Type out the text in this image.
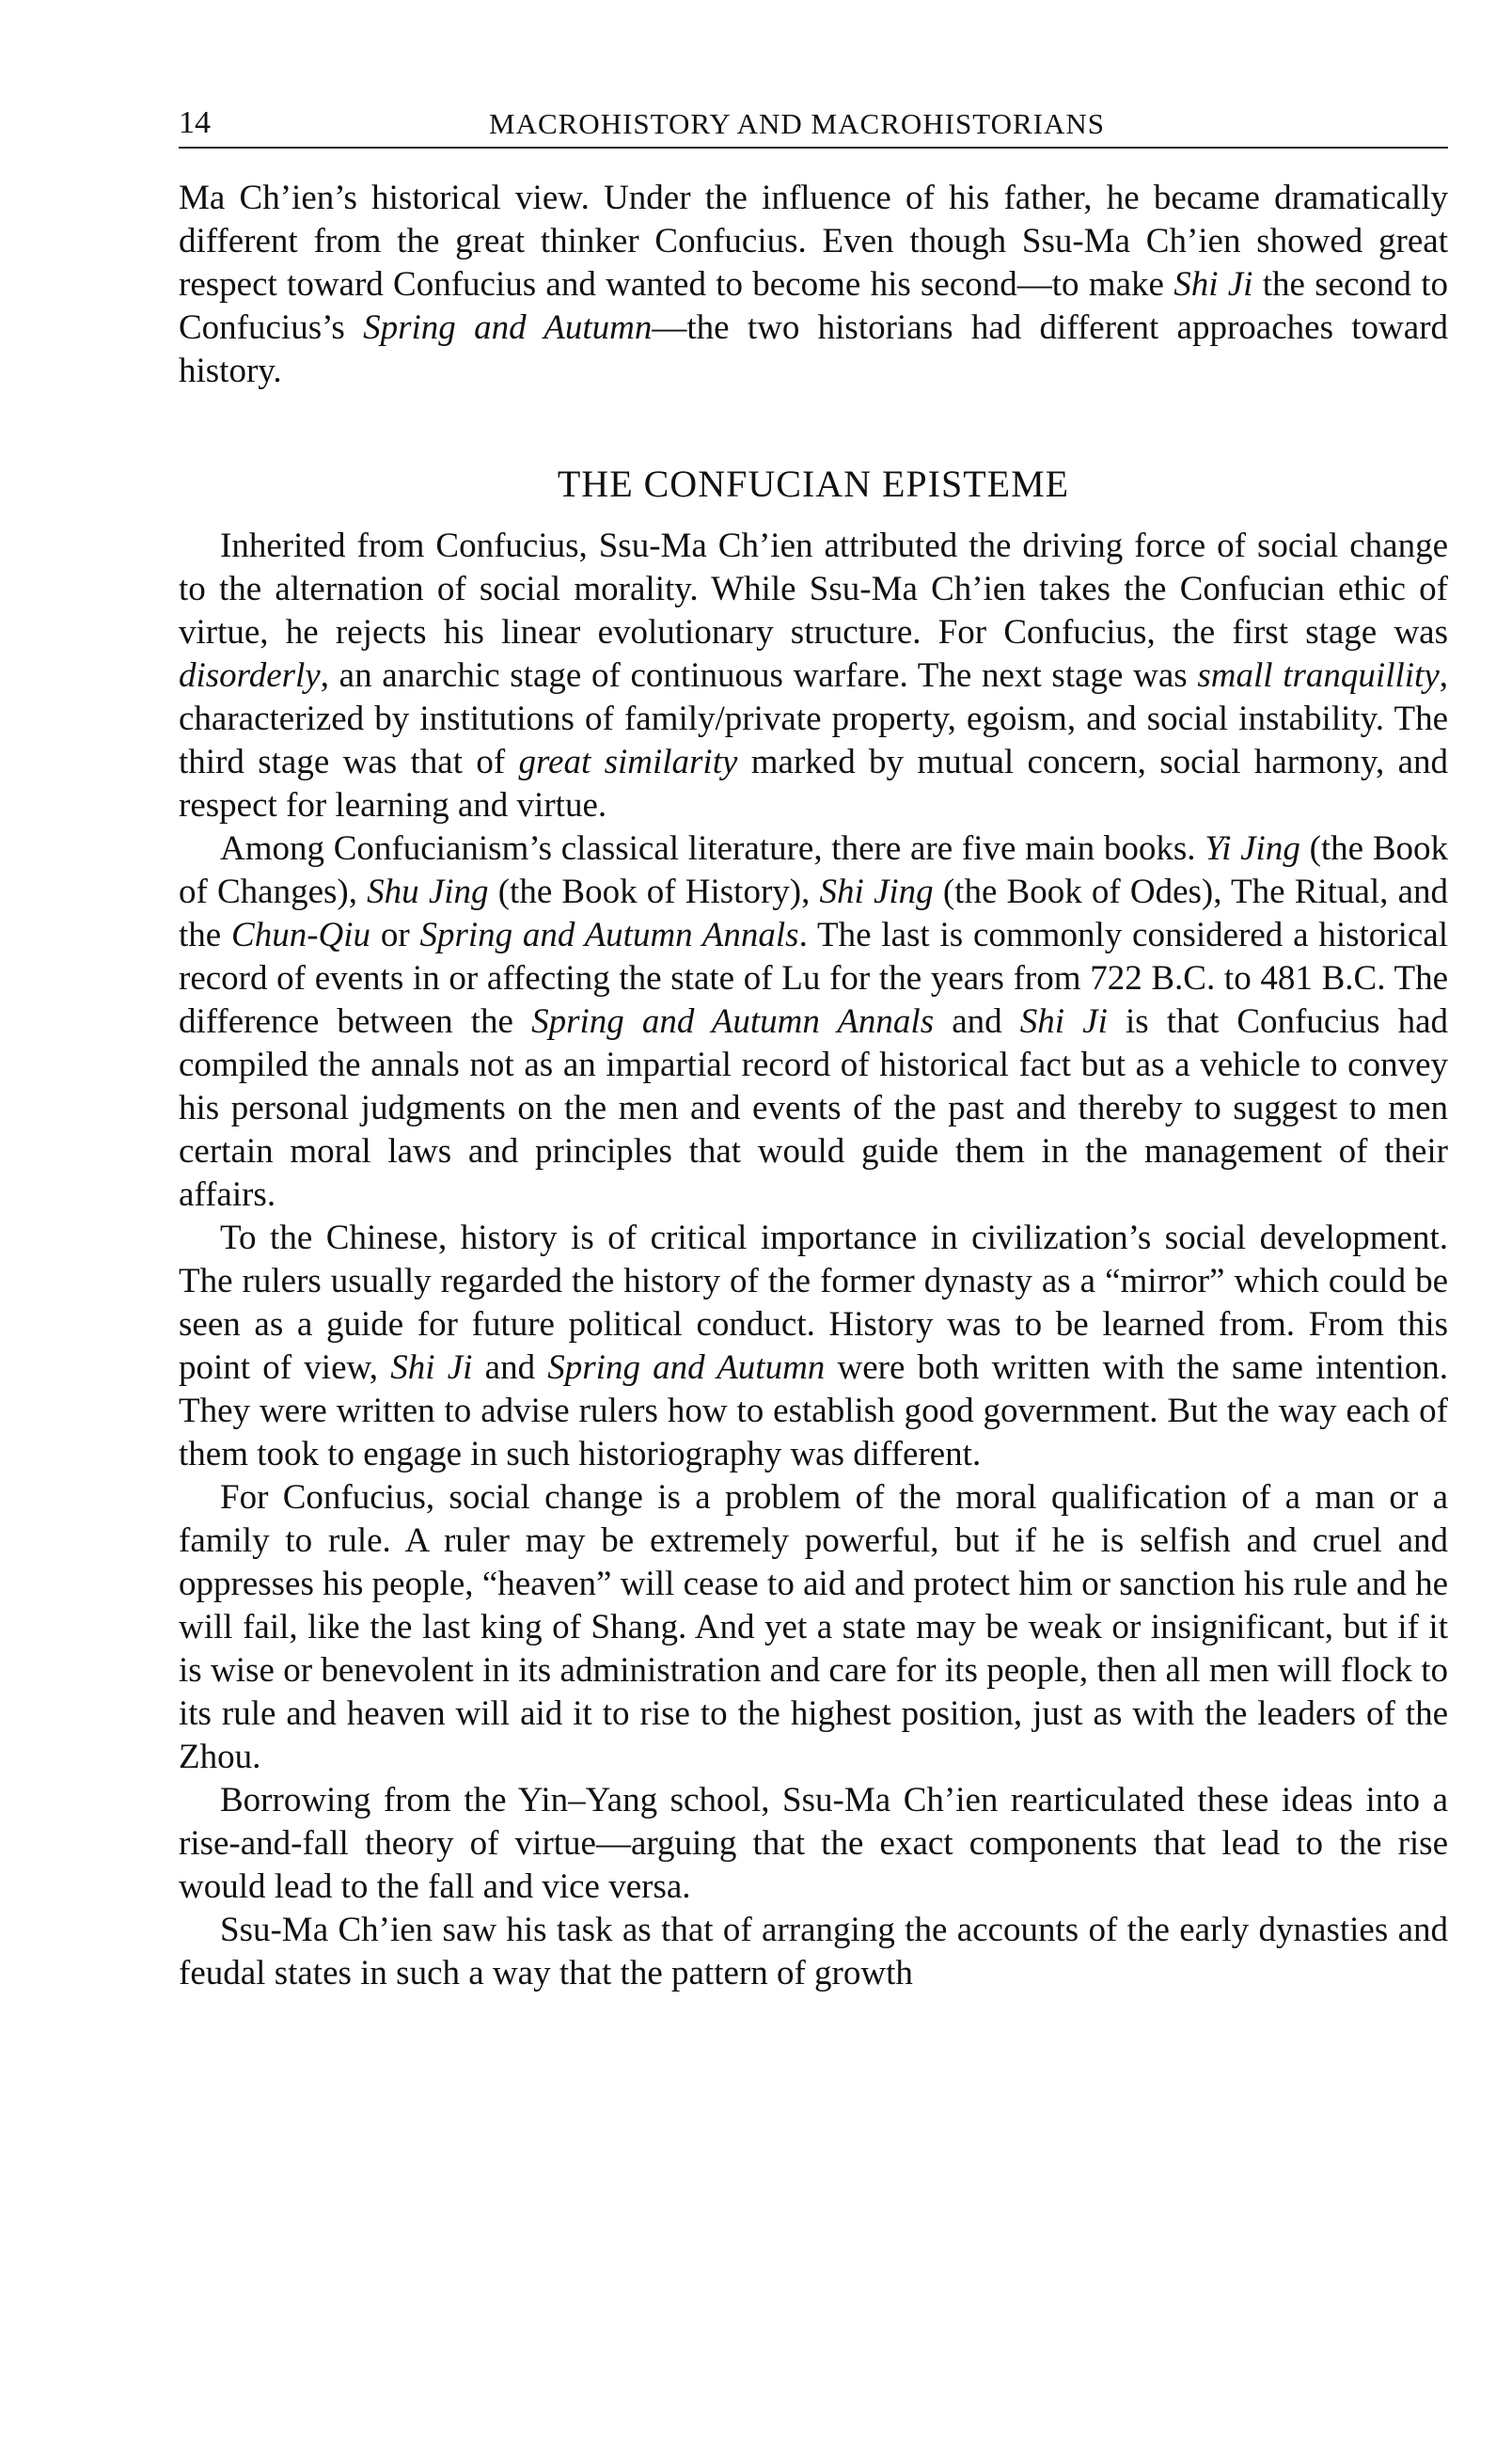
14	MACROHISTORY AND MACROHISTORIANS

Ma Ch’ien’s historical view. Under the influence of his father, he became dramatically different from the great thinker Confucius. Even though Ssu-Ma Ch’ien showed great respect toward Confucius and wanted to become his second—to make Shi Ji the second to Confucius’s Spring and Autumn—the two historians had different approaches toward history.

THE CONFUCIAN EPISTEME

Inherited from Confucius, Ssu-Ma Ch’ien attributed the driving force of social change to the alternation of social morality. While Ssu-Ma Ch’ien takes the Confucian ethic of virtue, he rejects his linear evolutionary structure. For Confucius, the first stage was disorderly, an anarchic stage of continuous warfare. The next stage was small tranquillity, characterized by institutions of family/private property, egoism, and social instability. The third stage was that of great similarity marked by mutual concern, social harmony, and respect for learning and virtue.

Among Confucianism’s classical literature, there are five main books. Yi Jing (the Book of Changes), Shu Jing (the Book of History), Shi Jing (the Book of Odes), The Ritual, and the Chun-Qiu or Spring and Autumn Annals. The last is commonly considered a historical record of events in or affecting the state of Lu for the years from 722 B.C. to 481 B.C. The difference between the Spring and Autumn Annals and Shi Ji is that Confucius had compiled the annals not as an impartial record of historical fact but as a vehicle to convey his personal judgments on the men and events of the past and thereby to suggest to men certain moral laws and principles that would guide them in the management of their affairs.

To the Chinese, history is of critical importance in civilization’s social development. The rulers usually regarded the history of the former dynasty as a “mirror” which could be seen as a guide for future political conduct. History was to be learned from. From this point of view, Shi Ji and Spring and Autumn were both written with the same intention. They were written to advise rulers how to establish good government. But the way each of them took to engage in such historiography was different.

For Confucius, social change is a problem of the moral qualification of a man or a family to rule. A ruler may be extremely powerful, but if he is selfish and cruel and oppresses his people, “heaven” will cease to aid and protect him or sanction his rule and he will fail, like the last king of Shang. And yet a state may be weak or insignificant, but if it is wise or benevolent in its administration and care for its people, then all men will flock to its rule and heaven will aid it to rise to the highest position, just as with the leaders of the Zhou.

Borrowing from the Yin–Yang school, Ssu-Ma Ch’ien rearticulated these ideas into a rise-and-fall theory of virtue—arguing that the exact components that lead to the rise would lead to the fall and vice versa.

Ssu-Ma Ch’ien saw his task as that of arranging the accounts of the early dynasties and feudal states in such a way that the pattern of growth
